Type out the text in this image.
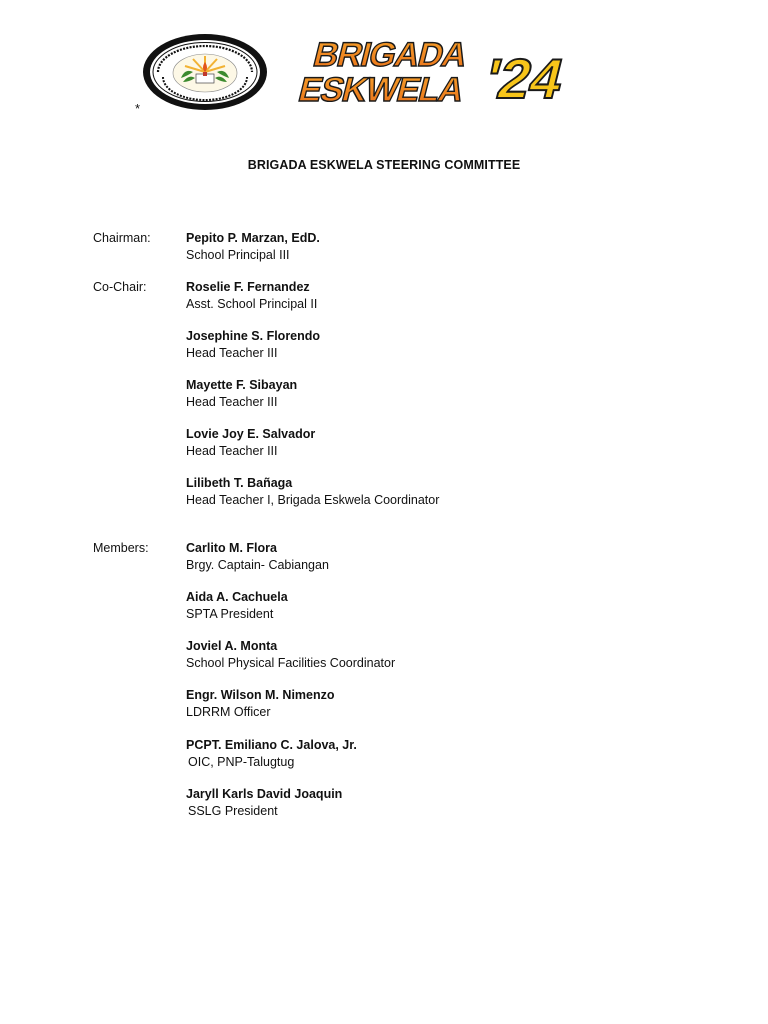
BRIGADA
ESKWELA '24
*
BRIGADA ESKWELA STEERING COMMITTEE
Chairman:	Pepito P. Marzan, EdD.
School Principal III
Co-Chair:	Roselie F. Fernandez
Asst. School Principal II
Josephine S. Florendo
Head Teacher III
Mayette F. Sibayan
Head Teacher III
Lovie Joy E. Salvador
Head Teacher III
Lilibeth T. Bañaga
Head Teacher I, Brigada Eskwela Coordinator
Members:	Carlito M. Flora
Brgy. Captain- Cabiangan
Aida A. Cachuela
SPTA President
Joviel A. Monta
School Physical Facilities Coordinator
Engr. Wilson M. Nimenzo
LDRRM Officer
PCPT. Emiliano C. Jalova, Jr.
OIC, PNP-Talugtug
Jaryll Karls David Joaquin
SSLG President
